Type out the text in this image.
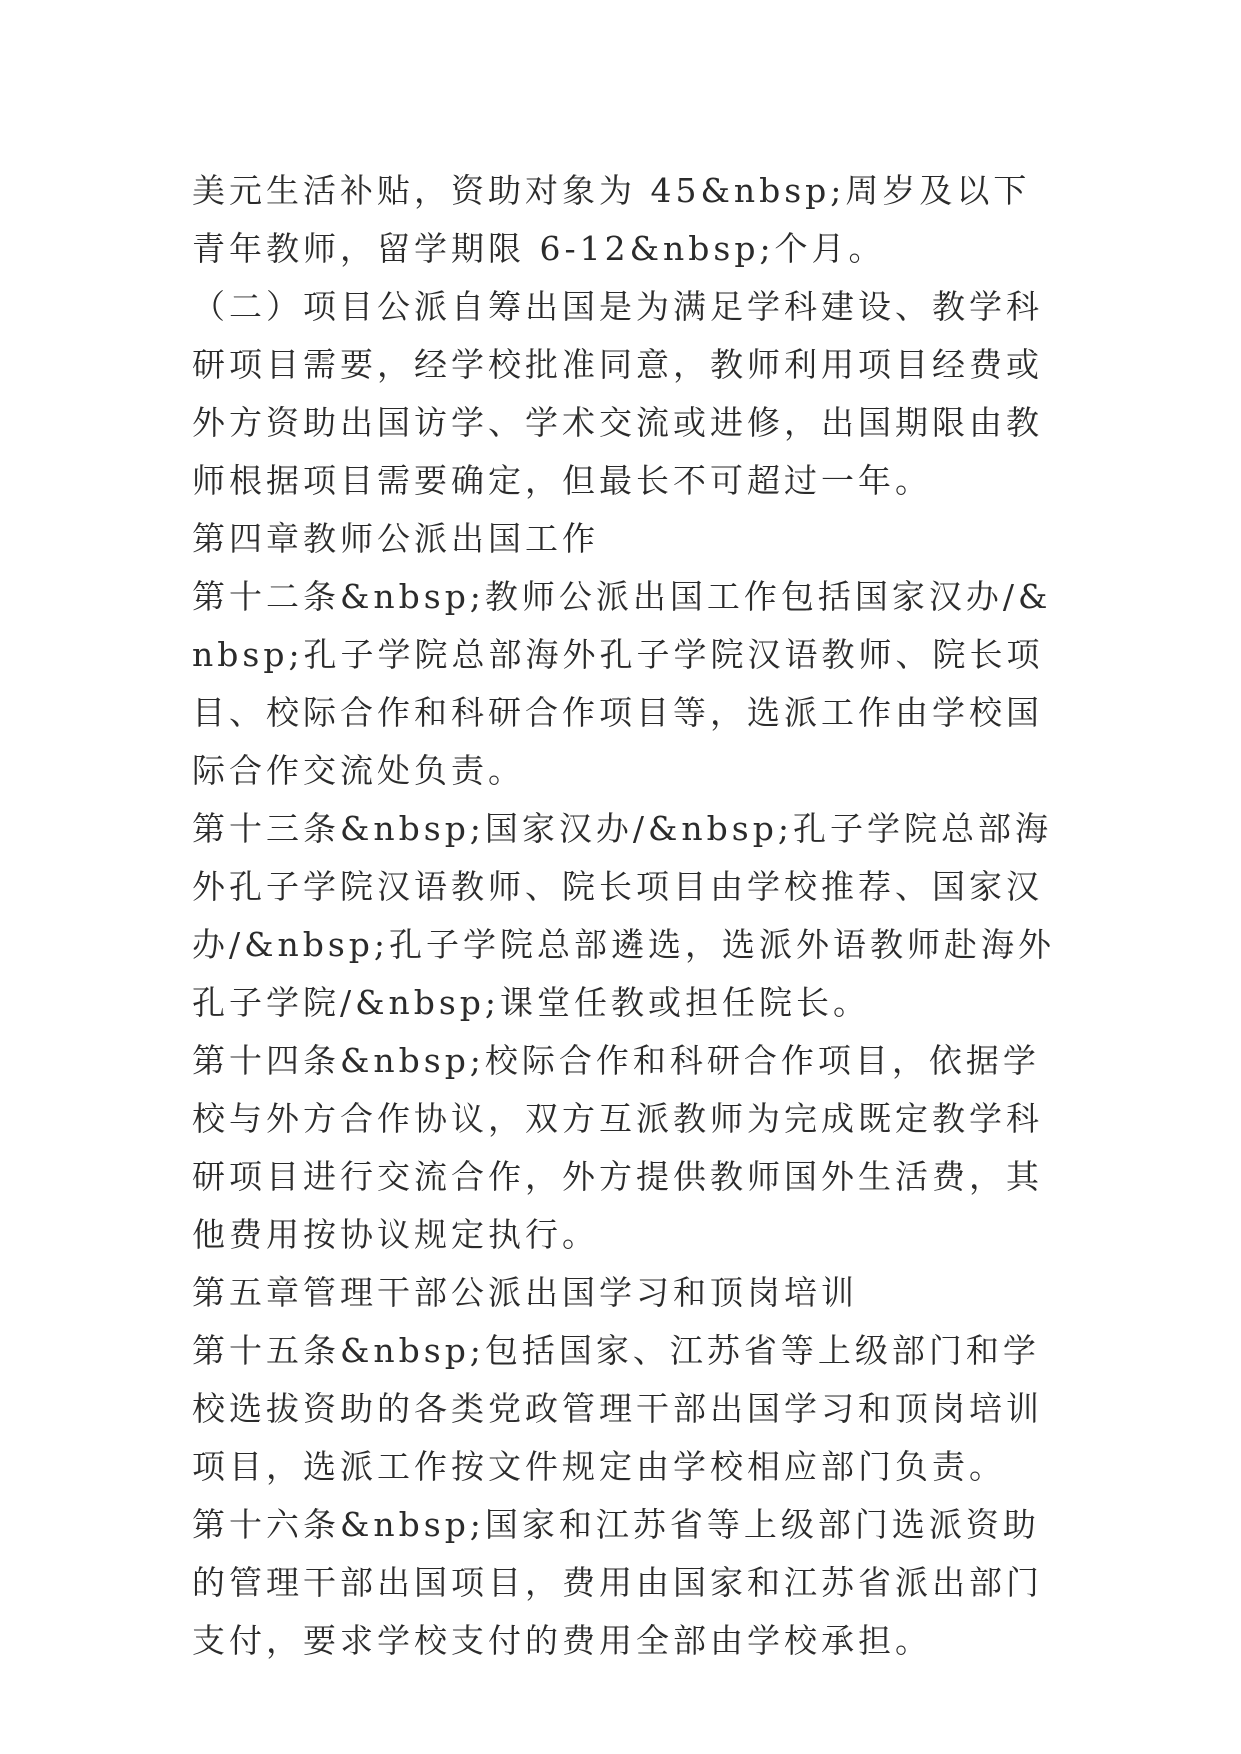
美元生活补贴，资助对象为 45&nbsp;周岁及以下青年教师，留学期限 6-12&nbsp;个月。

（二）项目公派自筹出国是为满足学科建设、教学科研项目需要，经学校批准同意，教师利用项目经费或外方资助出国访学、学术交流或进修，出国期限由教师根据项目需要确定，但最长不可超过一年。

第四章教师公派出国工作

第十二条&nbsp;教师公派出国工作包括国家汉办/&nbsp;孔子学院总部海外孔子学院汉语教师、院长项目、校际合作和科研合作项目等，选派工作由学校国际合作交流处负责。

第十三条&nbsp;国家汉办/&nbsp;孔子学院总部海外孔子学院汉语教师、院长项目由学校推荐、国家汉办/&nbsp;孔子学院总部遴选，选派外语教师赴海外孔子学院/&nbsp;课堂任教或担任院长。

第十四条&nbsp;校际合作和科研合作项目，依据学校与外方合作协议，双方互派教师为完成既定教学科研项目进行交流合作，外方提供教师国外生活费，其他费用按协议规定执行。

第五章管理干部公派出国学习和顶岗培训

第十五条&nbsp;包括国家、江苏省等上级部门和学校选拔资助的各类党政管理干部出国学习和顶岗培训项目，选派工作按文件规定由学校相应部门负责。

第十六条&nbsp;国家和江苏省等上级部门选派资助的管理干部出国项目，费用由国家和江苏省派出部门支付，要求学校支付的费用全部由学校承担。
